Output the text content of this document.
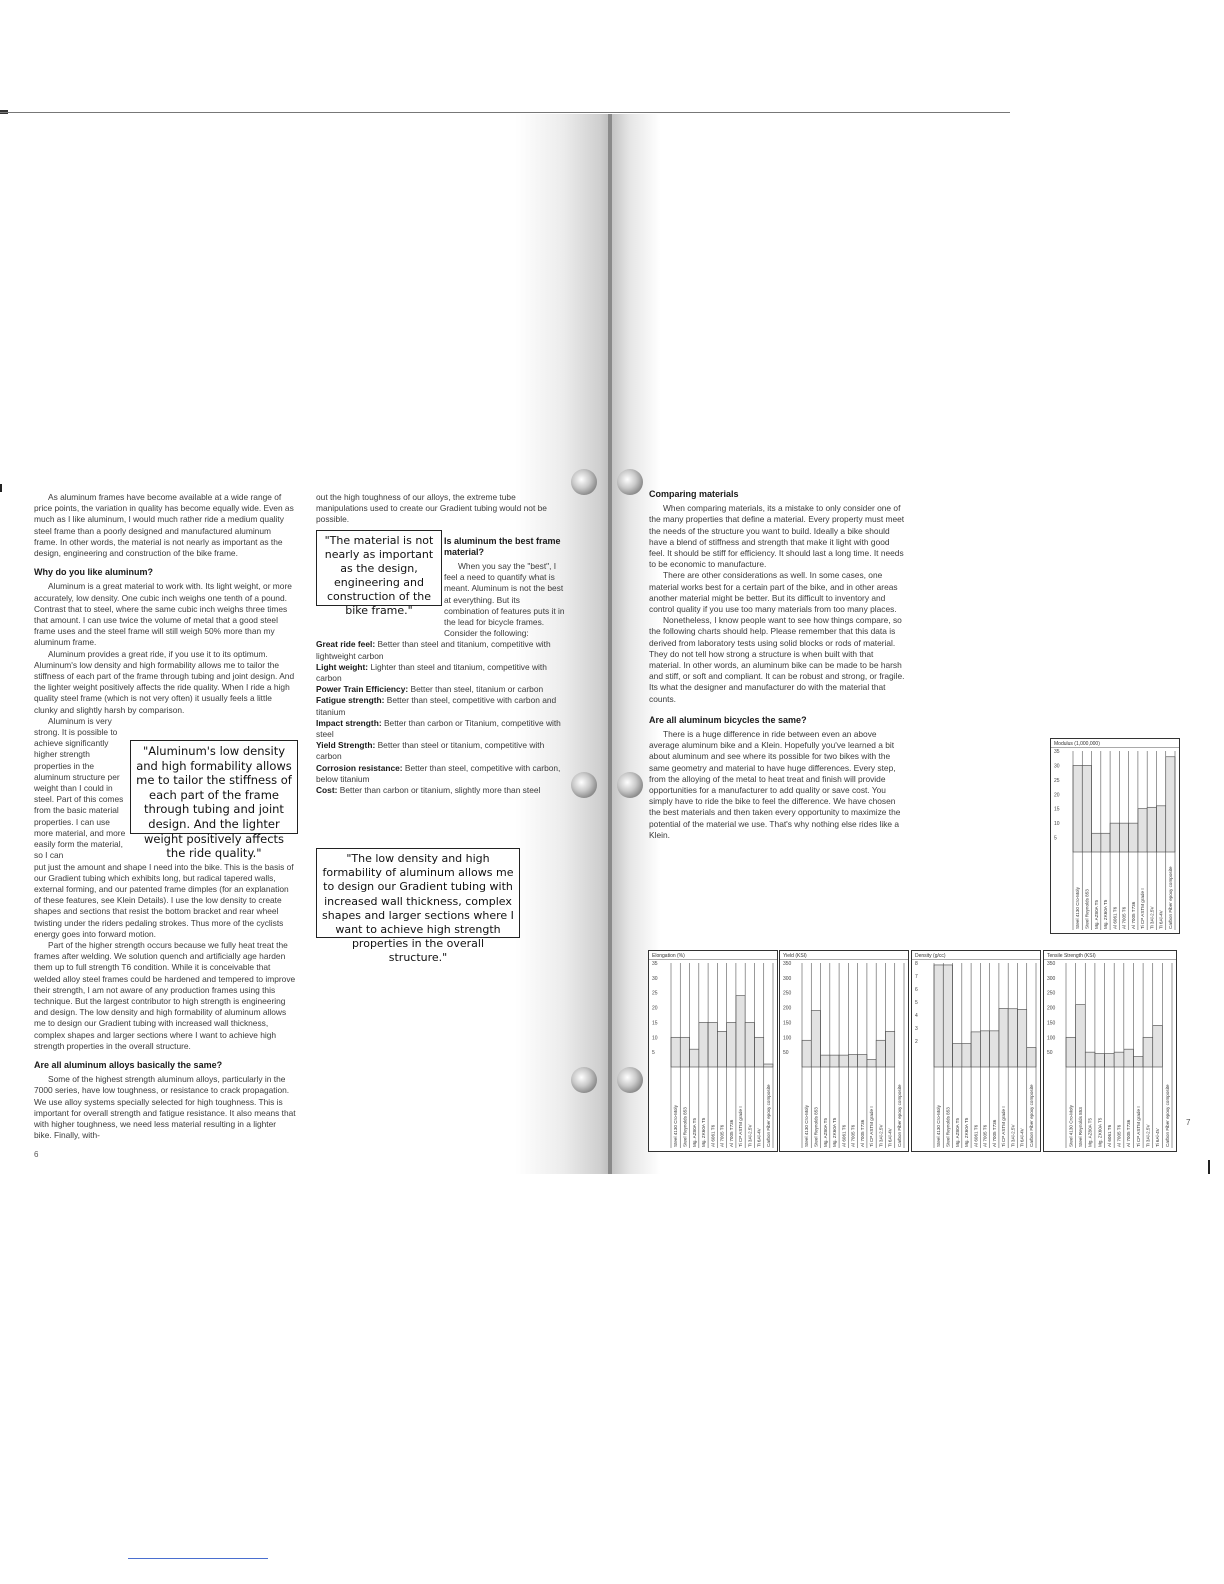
As aluminum frames have become available at a wide range of price points, the variation in quality has become equally wide. Even as much as I like aluminum, I would much rather ride a medium quality steel frame than a poorly designed and manufactured aluminum frame. In other words, the material is not nearly as important as the design, engineering and construction of the bike frame.

Why do you like aluminum?

Aluminum is a great material to work with. Its light weight, or more accurately, low density. One cubic inch weighs one tenth of a pound. Contrast that to steel, where the same cubic inch weighs three times that amount. I can use twice the volume of metal that a good steel frame uses and the steel frame will still weigh 50% more than my aluminum frame.

Aluminum provides a great ride, if you use it to its optimum. Aluminum's low density and high formability allows me to tailor the stiffness of each part of the frame through tubing and joint design. And the lighter weight positively affects the ride quality. When I ride a high quality steel frame (which is not very often) it usually feels a little clunky and slightly harsh by comparison.

Aluminum is very strong. It is possible to achieve significantly higher strength properties in the aluminum structure per weight than I could in steel. Part of this comes from the basic material properties. I can use more material, and more easily form the material, so I can

put just the amount and shape I need into the bike. This is the basis of our Gradient tubing which exhibits long, but radical tapered walls, external forming, and our patented frame dimples (for an explanation of these features, see Klein Details). I use the low density to create shapes and sections that resist the bottom bracket and rear wheel twisting under the riders pedaling strokes. Thus more of the cyclists energy goes into forward motion.

Part of the higher strength occurs because we fully heat treat the frames after welding. We solution quench and artificially age harden them up to full strength T6 condition. While it is conceivable that welded alloy steel frames could be hardened and tempered to improve their strength, I am not aware of any production frames using this technique. But the largest contributor to high strength is engineering and design. The low density and high formability of aluminum allows me to design our Gradient tubing with increased wall thickness, complex shapes and larger sections where I want to achieve high strength properties in the overall structure.

Are all aluminum alloys basically the same?

Some of the highest strength aluminum alloys, particularly in the 7000 series, have low toughness, or resistance to crack propagation. We use alloy systems specially selected for high toughness. This is important for overall strength and fatigue resistance. It also means that with higher toughness, we need less material resulting in a lighter bike. Finally, with-

"Aluminum's low density and high formability allows me to tailor the stiffness of each part of the frame through tubing and joint design. And the lighter weight positively affects the ride quality."

out the high toughness of our alloys, the extreme tube manipulations used to create our Gradient tubing would not be possible.

Is aluminum the best frame material?

When you say the "best", I feel a need to quantify what is meant. Aluminum is not the best at everything. But its combination of features puts it in the lead for bicycle frames. Consider the following:

Great ride feel: Better than steel and titanium, competitive with lightweight carbon

Light weight: Lighter than steel and titanium, competitive with carbon

Power Train Efficiency: Better than steel, titanium or carbon

Fatigue strength: Better than steel, competitive with carbon and titanium

Impact strength: Better than carbon or Titanium, competitive with steel

Yield Strength: Better than steel or titanium, competitive with carbon

Corrosion resistance: Better than steel, competitive with carbon, below titanium

Cost: Better than carbon or titanium, slightly more than steel

"The material is not nearly as important as the design, engineering and construction of the bike frame."
"The low density and high formability of aluminum allows me to design our Gradient tubing with increased wall thickness, complex shapes and larger sections where I want to achieve high strength properties in the overall structure."
6
Comparing materials

When comparing materials, its a mistake to only consider one of the many properties that define a material. Every property must meet the needs of the structure you want to build. Ideally a bike should have a blend of stiffness and strength that make it light with good feel. It should be stiff for efficiency. It should last a long time. It needs to be economic to manufacture.

There are other considerations as well. In some cases, one material works best for a certain part of the bike, and in other areas another material might be better. But its difficult to inventory and control quality if you use too many materials from too many places.

Nonetheless, I know people want to see how things compare, so the following charts should help. Please remember that this data is derived from laboratory tests using solid blocks or rods of material. They do not tell how strong a structure is when built with that material. In other words, an aluminum bike can be made to be harsh and stiff, or soft and compliant. It can be robust and strong, or fragile. Its what the designer and manufacturer do with the material that counts.

Are all aluminum bicycles the same?

There is a huge difference in ride between even an above average aluminum bike and a Klein. Hopefully you've learned a bit about aluminum and see where its possible for two bikes with the same geometry and material to have huge differences. Every step, from the alloying of the metal to heat treat and finish will provide opportunities for a manufacturer to add quality or save cost. You simply have to ride the bike to feel the difference. We have chosen the best materials and then taken every opportunity to maximize the potential of the material we use. That's why nothing else rides like a Klein.

7
Modulus (1,000,000)
35
30
25
20
15
10
5
Steel 4130 Cro-Moly Steel Reynolds 853 Mg. AZ80A T5 Mg. ZK60A T5 Al 6061 T6 Al 7005 T6 Al 7005 T736 Ti CP ASTM grade I Ti 3Al-2.5V Ti 6Al-4V Carbon Fiber epoxy composite
Elongation (%)
35
30
25
20
15
10
5
Steel 4130 Cro-Moly Steel Reynolds 853 Mg. AZ80A T5 Mg. ZK60A T5 Al 6061 T6 Al 7005 T6 Al 7005 T736 Ti CP ASTM grade I Ti 3Al-2.5V Ti 6Al-4V Carbon Fiber epoxy composite
Yield (KSI)
350
300
250
200
150
100
50
Steel 4130 Cro-Moly Steel Reynolds 853 Mg. AZ80A T5 Mg. ZK60A T5 Al 6061 T6 Al 7005 T6 Al 7005 T736 Ti CP ASTM grade I Ti 3Al-2.5V Ti 6Al-4V Carbon Fiber epoxy composite
Density (g/cc)
8
7
6
5
4
3
2
Steel 4130 Cro-Moly Steel Reynolds 853 Mg. AZ80A T5 Mg. ZK60A T5 Al 6061 T6 Al 7005 T6 Al 7005 T736 Ti CP ASTM grade I Ti 3Al-2.5V Ti 6Al-4V Carbon Fiber epoxy composite
Tensile Strength (KSI)
350
300
250
200
150
100
50
Steel 4130 Cro-Moly Steel Reynolds 853 Mg. AZ80A T5 Mg. ZK60A T5 Al 6061 T6 Al 7005 T6 Al 7005 T736 Ti CP ASTM grade I Ti 3Al-2.5V Ti 6Al-4V Carbon Fiber epoxy composite
